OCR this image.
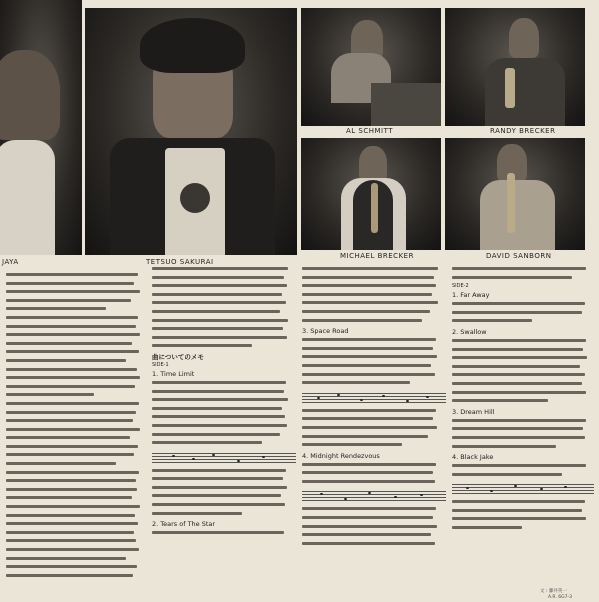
JAYA	TETSUO SAKURAI
AL SCHMITT	RANDY BRECKER
MICHAEL BRECKER	DAVID SANBORN
曲についてのメモ
SIDE-1
1. Time Limit
2. Tears of The Star
3. Space Road
4. Midnight Rendezvous
SIDE-2
1. Far Away
2. Swallow
3. Dream Hill
4. Black Jake
文 : 藤井英一
A.R. 6G7-3
